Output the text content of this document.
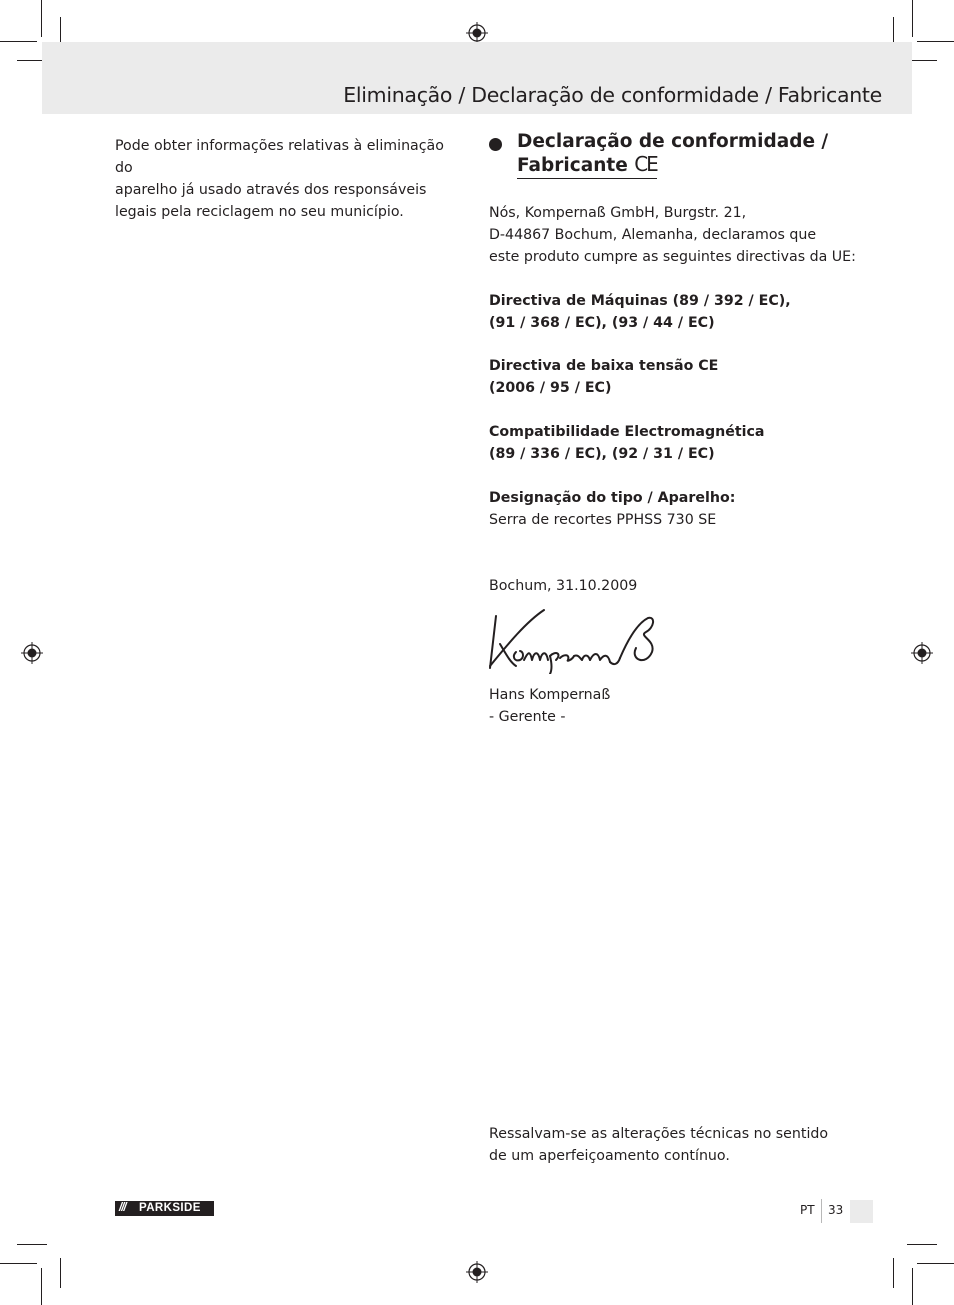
Eliminação / Declaração de conformidade / Fabricante
Pode obter informações relativas à eliminação do
aparelho já usado através dos responsáveis
legais pela reciclagem no seu município.
Declaração de conformidade /
Fabricante CE
Nós, Kompernaß GmbH, Burgstr. 21,
D-44867 Bochum, Alemanha, declaramos que
este produto cumpre as seguintes directivas da UE:
Directiva de Máquinas (89 / 392 / EC),
(91 / 368 / EC), (93 / 44 / EC)
Directiva de baixa tensão CE
(2006 / 95 / EC)
Compatibilidade Electromagnética
(89 / 336 / EC), (92 / 31 / EC)
Designação do tipo / Aparelho:
Serra de recortes PPHSS 730 SE
Bochum, 31.10.2009
Hans Kompernaß
- Gerente -
Ressalvam-se as alterações técnicas no sentido
de um aperfeiçoamento contínuo.
/// PARKSIDE	PT 33
